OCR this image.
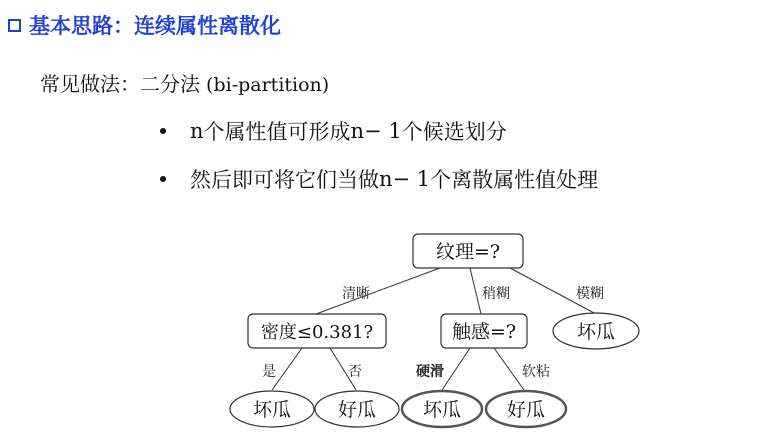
基本思路：连续属性离散化
常见做法：二分法 (bi-partition)
n 个属性值可形成 n − 1 个候选划分
然后即可将它们当做 n − 1 个离散属性值处理
清晰	稍糊	模糊
是	否	硬滑	软粘
纹理=?
密度≤0.381?	触感=?	坏瓜
坏瓜 好瓜 坏瓜 好瓜
